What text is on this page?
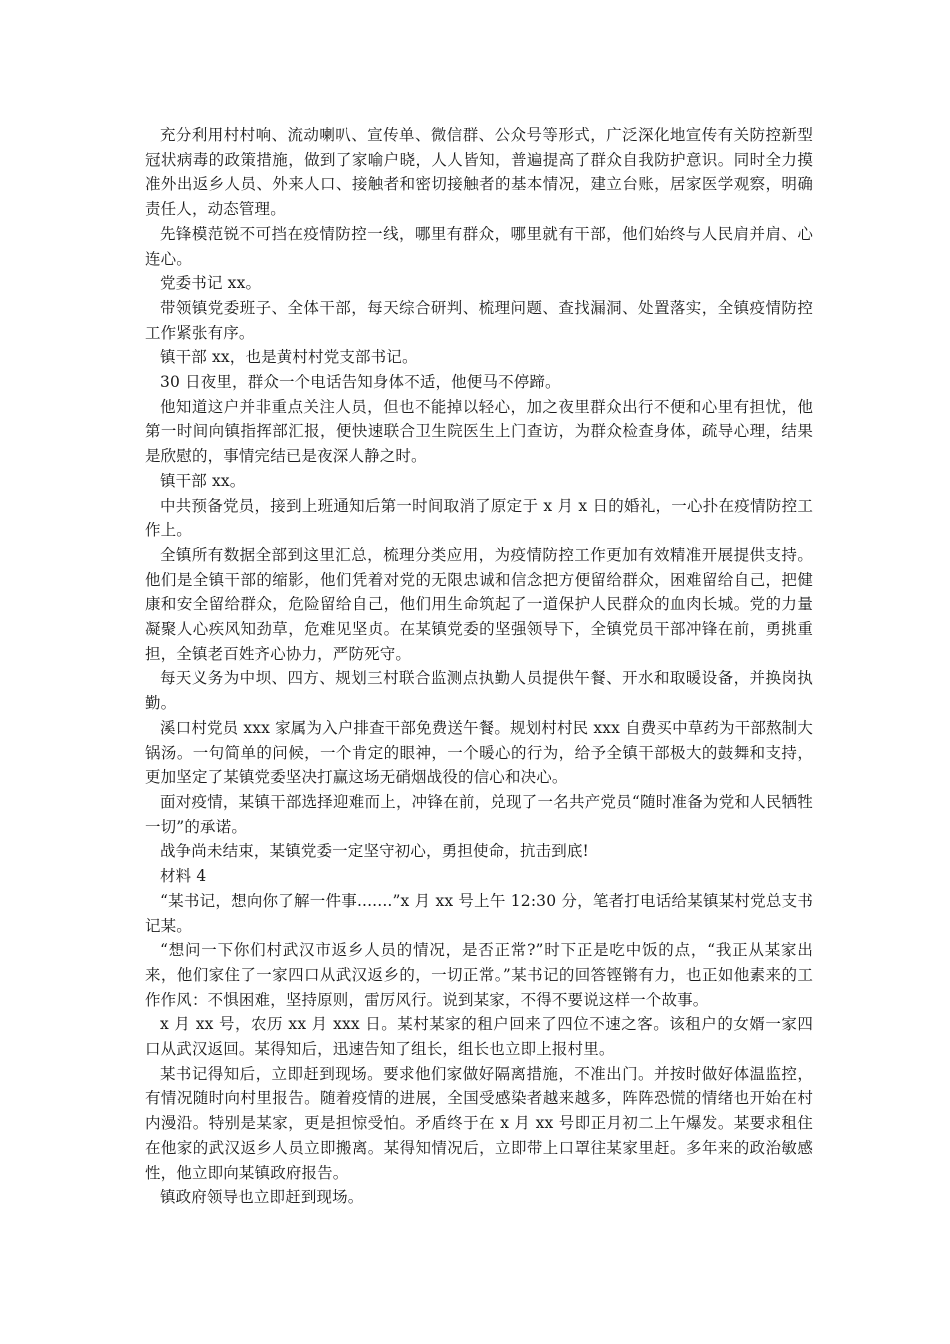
充分利用村村响、流动喇叭、宣传单、微信群、公众号等形式，广泛深化地宣传有关防控新型冠状病毒的政策措施，做到了家喻户晓，人人皆知，普遍提高了群众自我防护意识。同时全力摸准外出返乡人员、外来人口、接触者和密切接触者的基本情况，建立台账，居家医学观察，明确责任人，动态管理。

先锋模范锐不可挡在疫情防控一线，哪里有群众，哪里就有干部，他们始终与人民肩并肩、心连心。

党委书记 xx。

带领镇党委班子、全体干部，每天综合研判、梳理问题、查找漏洞、处置落实，全镇疫情防控工作紧张有序。

镇干部 xx，也是黄村村党支部书记。

30 日夜里，群众一个电话告知身体不适，他便马不停蹄。

他知道这户并非重点关注人员，但也不能掉以轻心，加之夜里群众出行不便和心里有担忧，他第一时间向镇指挥部汇报，便快速联合卫生院医生上门查访，为群众检查身体，疏导心理，结果是欣慰的，事情完结已是夜深人静之时。

镇干部 xx。

中共预备党员，接到上班通知后第一时间取消了原定于 x 月 x 日的婚礼，一心扑在疫情防控工作上。

全镇所有数据全部到这里汇总，梳理分类应用，为疫情防控工作更加有效精准开展提供支持。他们是全镇干部的缩影，他们凭着对党的无限忠诚和信念把方便留给群众，困难留给自己，把健康和安全留给群众，危险留给自己，他们用生命筑起了一道保护人民群众的血肉长城。党的力量凝聚人心疾风知劲草，危难见坚贞。在某镇党委的坚强领导下，全镇党员干部冲锋在前，勇挑重担，全镇老百姓齐心协力，严防死守。

每天义务为中坝、四方、规划三村联合监测点执勤人员提供午餐、开水和取暖设备，并换岗执勤。

溪口村党员 xxx 家属为入户排查干部免费送午餐。规划村村民 xxx 自费买中草药为干部熬制大锅汤。一句简单的问候，一个肯定的眼神，一个暖心的行为，给予全镇干部极大的鼓舞和支持，更加坚定了某镇党委坚决打赢这场无硝烟战役的信心和决心。

面对疫情，某镇干部选择迎难而上，冲锋在前，兑现了一名共产党员“随时准备为党和人民牺牲一切”的承诺。

战争尚未结束，某镇党委一定坚守初心，勇担使命，抗击到底!

材料 4

“某书记，想向你了解一件事.......”x 月 xx 号上午 12:30 分，笔者打电话给某镇某村党总支书记某。

“想问一下你们村武汉市返乡人员的情况，是否正常?”时下正是吃中饭的点，“我正从某家出来，他们家住了一家四口从武汉返乡的，一切正常。”某书记的回答铿锵有力，也正如他素来的工作作风：不惧困难，坚持原则，雷厉风行。说到某家，不得不要说这样一个故事。

x 月 xx 号，农历 xx 月 xxx 日。某村某家的租户回来了四位不速之客。该租户的女婿一家四口从武汉返回。某得知后，迅速告知了组长，组长也立即上报村里。

某书记得知后，立即赶到现场。要求他们家做好隔离措施，不准出门。并按时做好体温监控，有情况随时向村里报告。随着疫情的进展，全国受感染者越来越多，阵阵恐慌的情绪也开始在村内漫沿。特别是某家，更是担惊受怕。矛盾终于在 x 月 xx 号即正月初二上午爆发。某要求租住在他家的武汉返乡人员立即搬离。某得知情况后，立即带上口罩往某家里赶。多年来的政治敏感性，他立即向某镇政府报告。

镇政府领导也立即赶到现场。
